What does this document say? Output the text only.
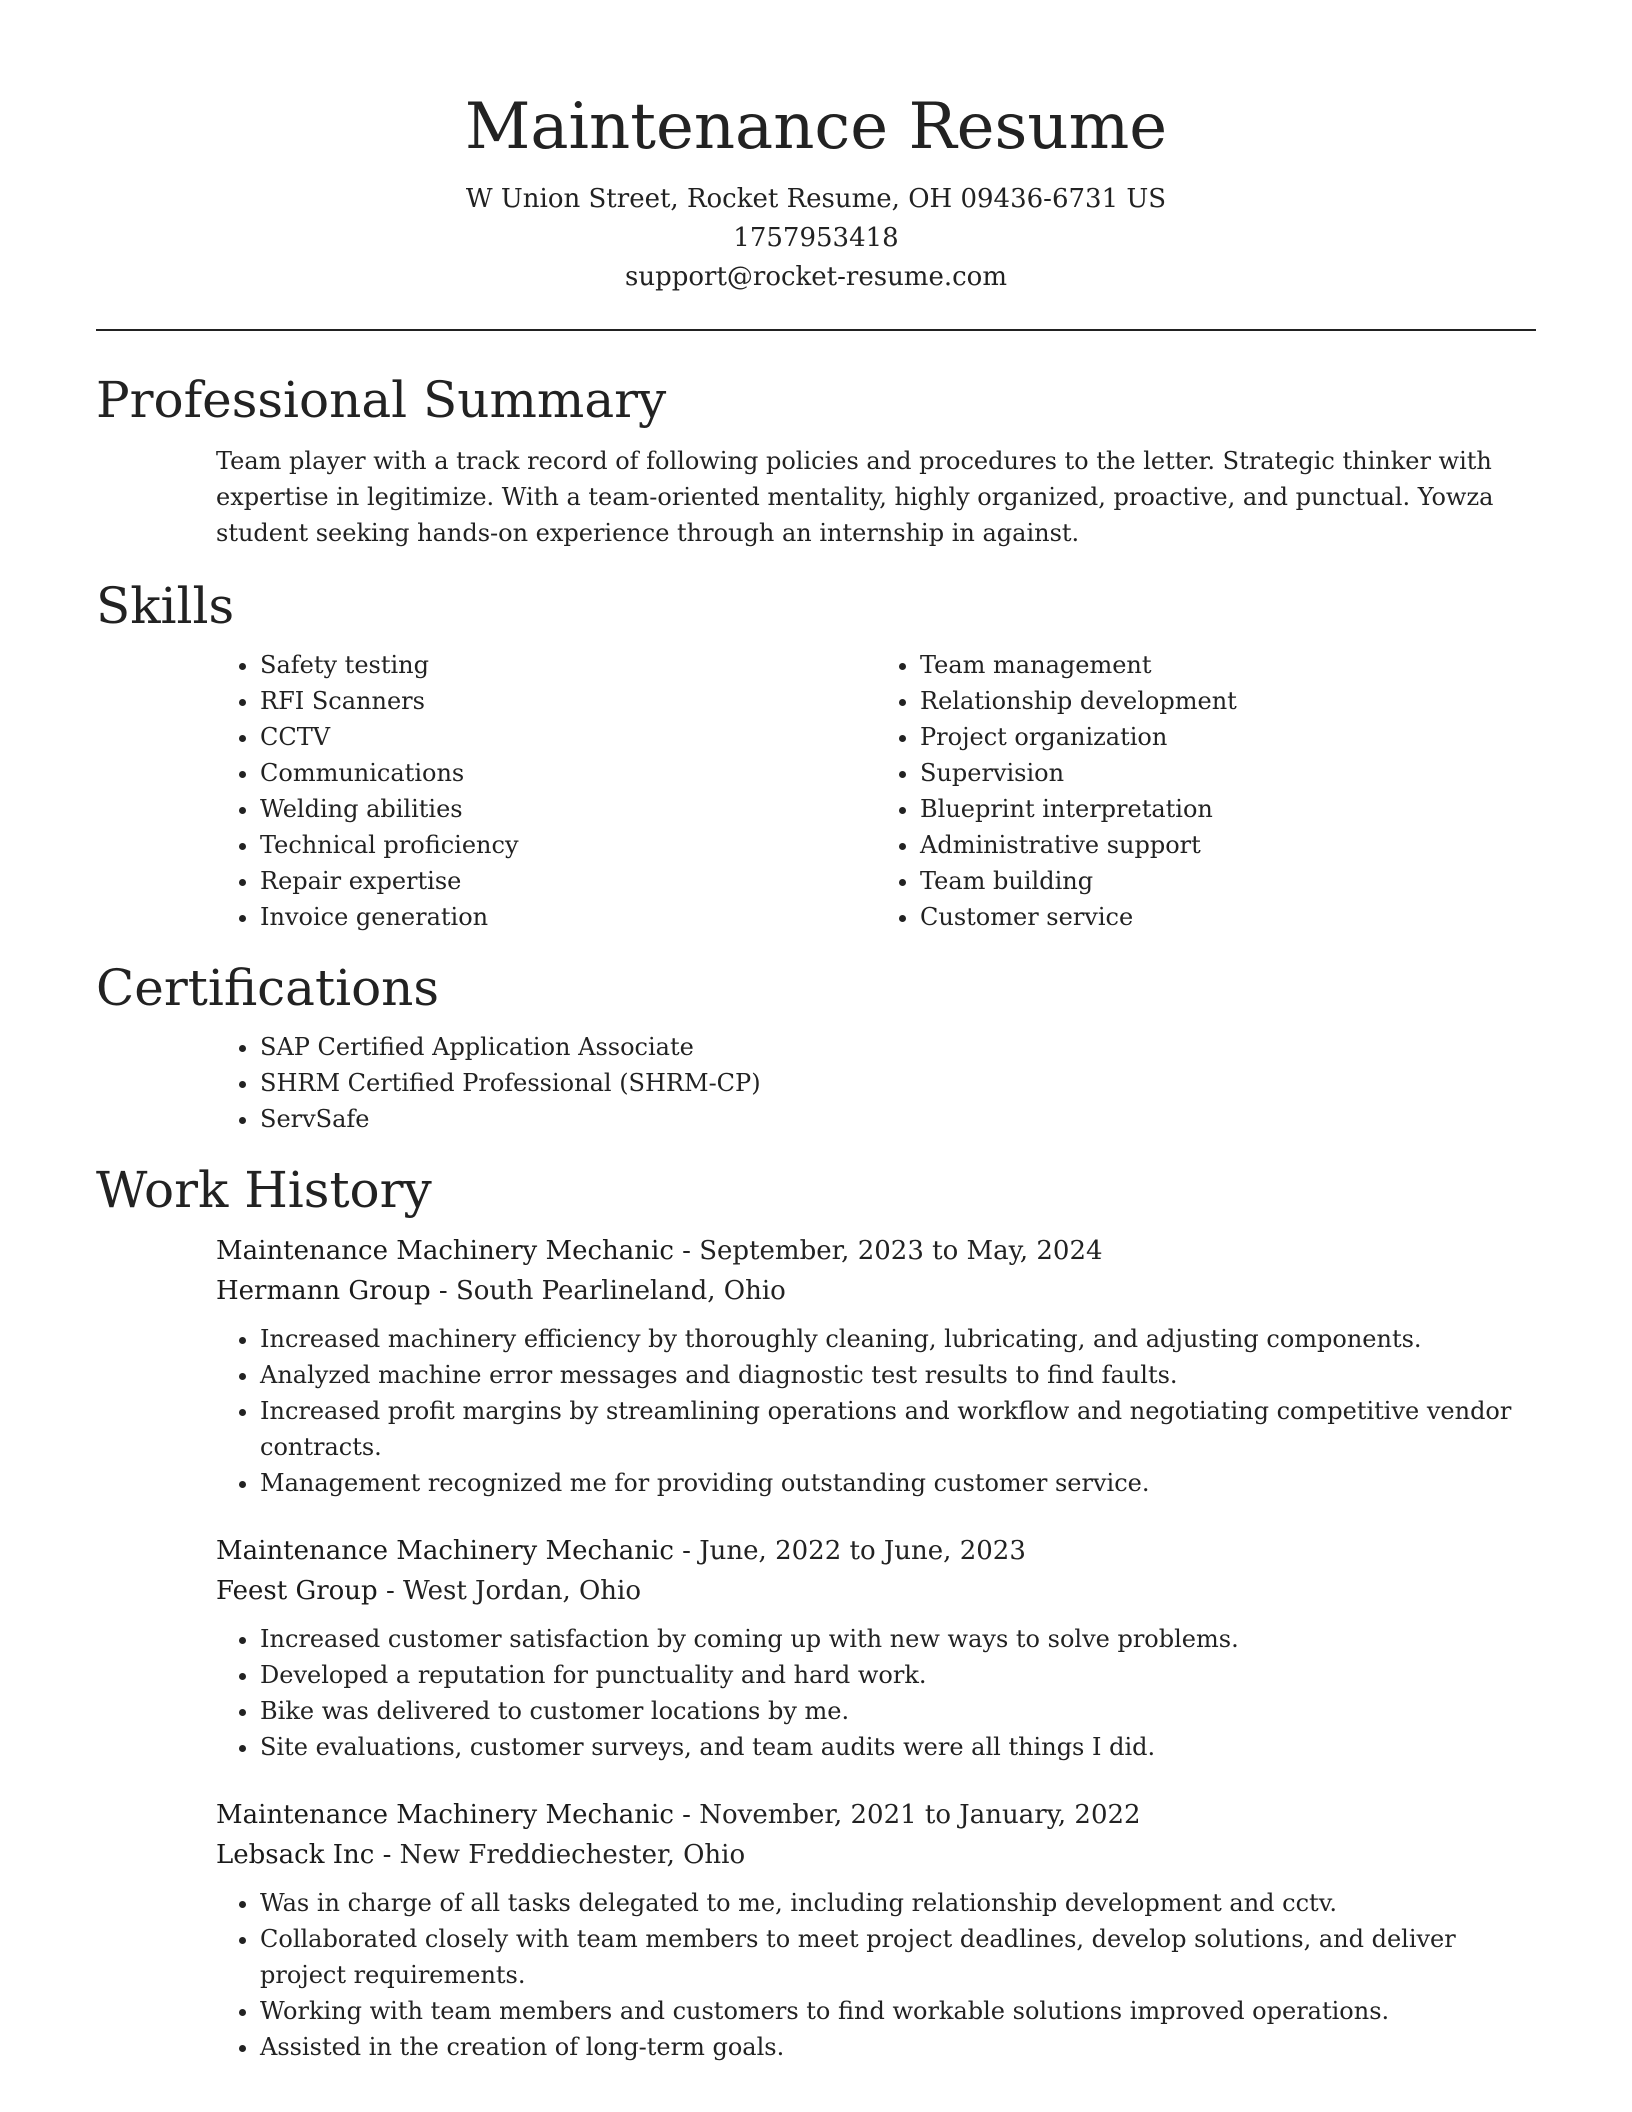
Maintenance Resume
W Union Street, Rocket Resume, OH 09436-6731 US
1757953418
support@rocket-resume.com
Professional Summary
Team player with a track record of following policies and procedures to the letter. Strategic thinker with expertise in legitimize. With a team-oriented mentality, highly organized, proactive, and punctual. Yowza student seeking hands-on experience through an internship in against.
Skills
• Safety testing
• RFI Scanners
• CCTV
• Communications
• Welding abilities
• Technical proficiency
• Repair expertise
• Invoice generation
• Team management
• Relationship development
• Project organization
• Supervision
• Blueprint interpretation
• Administrative support
• Team building
• Customer service
Certifications
• SAP Certified Application Associate
• SHRM Certified Professional (SHRM-CP)
• ServSafe
Work History
Maintenance Machinery Mechanic - September, 2023 to May, 2024
Hermann Group - South Pearlineland, Ohio
• Increased machinery efficiency by thoroughly cleaning, lubricating, and adjusting components.
• Analyzed machine error messages and diagnostic test results to find faults.
• Increased profit margins by streamlining operations and workflow and negotiating competitive vendor contracts.
• Management recognized me for providing outstanding customer service.
Maintenance Machinery Mechanic - June, 2022 to June, 2023
Feest Group - West Jordan, Ohio
• Increased customer satisfaction by coming up with new ways to solve problems.
• Developed a reputation for punctuality and hard work.
• Bike was delivered to customer locations by me.
• Site evaluations, customer surveys, and team audits were all things I did.
Maintenance Machinery Mechanic - November, 2021 to January, 2022
Lebsack Inc - New Freddiechester, Ohio
• Was in charge of all tasks delegated to me, including relationship development and cctv.
• Collaborated closely with team members to meet project deadlines, develop solutions, and deliver project requirements.
• Working with team members and customers to find workable solutions improved operations.
• Assisted in the creation of long-term goals.
